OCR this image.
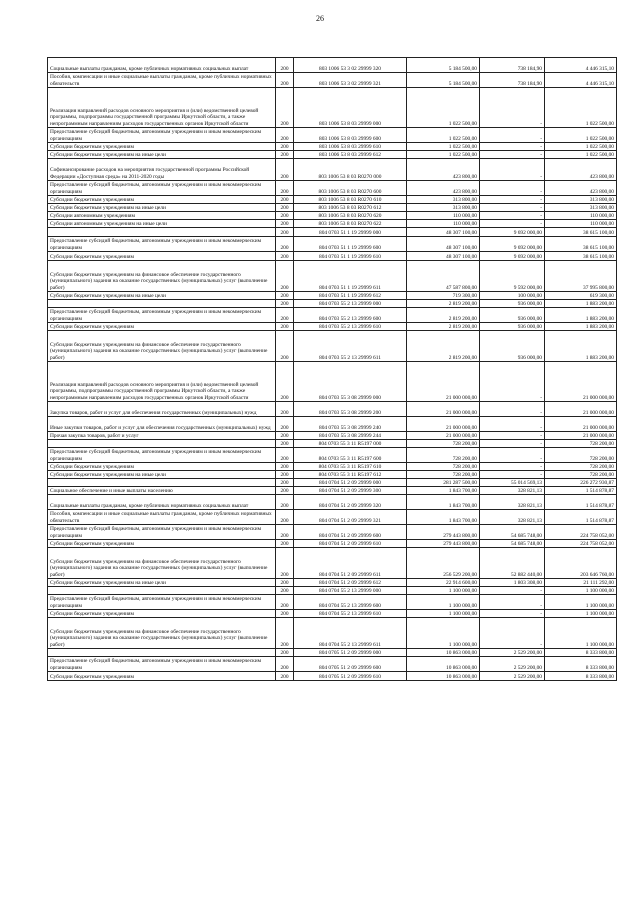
26
Социальные выплаты гражданам, кроме публичных нормативных социальных выплат	200	803 1006 53 3 02 29999 320	5 184 500,00	738 184,90	4 446 315,10
Пособия, компенсации и иные социальные выплаты гражданам, кроме публичных нормативных обязательств	200	803 1006 53 3 02 29999 321	5 184 500,00	738 184,90	4 446 315,10
Реализация направлений расходов основного мероприятия и (или) ведомственной целевой программы, подпрограммы государственной программы Иркутской области, а также непрограммным направлениям расходов государственных органов Иркутской области	200	803 1006 53 8 03 29999 000	1 022 500,00	-	1 022 500,00
Предоставление субсидий бюджетным, автономным учреждениям и иным некоммерческим организациям	200	803 1006 53 8 03 29999 600	1 022 500,00	-	1 022 500,00
Субсидии бюджетным учреждениям	200	803 1006 53 8 03 29999 610	1 022 500,00	-	1 022 500,00
Субсидии бюджетным учреждениям на иные цели	200	803 1006 53 8 03 29999 612	1 022 500,00	-	1 022 500,00
Софинансирование расходов на мероприятия государственной программы Российской Федерации «Доступная среда» на 2011-2020 годы	200	803 1006 53 8 03 R0270 000	423 800,00	-	423 800,00
Предоставление субсидий бюджетным, автономным учреждениям и иным некоммерческим организациям	200	803 1006 53 8 03 R0270 600	423 800,00	-	423 800,00
Субсидии бюджетным учреждениям	200	803 1006 53 8 03 R0270 610	313 800,00	-	313 800,00
Субсидии бюджетным учреждениям на иные цели	200	803 1006 53 8 03 R0270 612	313 800,00	-	313 800,00
Субсидии автономным учреждениям	200	803 1006 53 8 03 R0270 620	110 000,00	-	110 000,00
Субсидии автономным учреждениям на иные цели	200	803 1006 53 8 03 R0270 622	110 000,00	-	110 000,00
	200	804 0703 51 1 19 29999 000	48 307 100,00	9 692 000,00	38 615 100,00
Предоставление субсидий бюджетным, автономным учреждениям и иным некоммерческим организациям	200	804 0703 51 1 19 29999 600	48 307 100,00	9 692 000,00	38 615 100,00
Субсидии бюджетным учреждениям	200	804 0703 51 1 19 29999 610	48 307 100,00	9 692 000,00	38 615 100,00
Субсидии бюджетным учреждениям на финансовое обеспечение государственного (муниципального) задания на оказание государственных (муниципальных) услуг (выполнение работ)	200	804 0703 51 1 19 29999 611	47 587 800,00	9 592 000,00	37 995 800,00
Субсидии бюджетным учреждениям на иные цели	200	804 0703 51 1 19 29999 612	719 300,00	100 000,00	619 300,00
	200	804 0703 55 2 13 29999 000	2 819 200,00	936 000,00	1 883 200,00
Предоставление субсидий бюджетным, автономным учреждениям и иным некоммерческим организациям	200	804 0703 55 2 13 29999 600	2 819 200,00	936 000,00	1 883 200,00
Субсидии бюджетным учреждениям	200	804 0703 55 2 13 29999 610	2 819 200,00	936 000,00	1 883 200,00
Субсидии бюджетным учреждениям на финансовое обеспечение государственного (муниципального) задания на оказание государственных (муниципальных) услуг (выполнение работ)	200	804 0703 55 2 13 29999 611	2 819 200,00	936 000,00	1 883 200,00
Реализация направлений расходов основного мероприятия и (или) ведомственной целевой программы, подпрограммы государственной программы Иркутской области, а также непрограммным направлениям расходов государственных органов Иркутской области	200	804 0703 55 3 08 29999 000	21 000 000,00	-	21 000 000,00
Закупка товаров, работ и услуг для обеспечения государственных (муниципальных) нужд	200	804 0703 55 3 08 29999 200	21 000 000,00	-	21 000 000,00
Иные закупки товаров, работ и услуг для обеспечения государственных (муниципальных) нужд	200	804 0703 55 3 08 29999 240	21 000 000,00	-	21 000 000,00
Прочая закупка товаров, работ и услуг	200	804 0703 55 3 08 29999 244	21 000 000,00	-	21 000 000,00
	200	804 0703 55 3 11 R5197 000	728 200,00	-	728 200,00
Предоставление субсидий бюджетным, автономным учреждениям и иным некоммерческим организациям	200	804 0703 55 3 11 R5197 600	728 200,00	-	728 200,00
Субсидии бюджетным учреждениям	200	804 0703 55 3 11 R5197 610	728 200,00	-	728 200,00
Субсидии бюджетным учреждениям на иные цели	200	804 0703 55 3 11 R5197 612	728 200,00	-	728 200,00
	200	804 0704 51 2 09 29999 000	281 287 500,00	55 014 569,13	226 272 930,87
Социальное обеспечение и иные выплаты населению	200	804 0704 51 2 09 29999 300	1 843 700,00	328 821,13	1 514 878,87
Социальные выплаты гражданам, кроме публичных нормативных социальных выплат	200	804 0704 51 2 09 29999 320	1 843 700,00	328 821,13	1 514 878,87
Пособия, компенсации и иные социальные выплаты гражданам, кроме публичных нормативных обязательств	200	804 0704 51 2 09 29999 321	1 843 700,00	328 821,13	1 514 878,87
Предоставление субсидий бюджетным, автономным учреждениям и иным некоммерческим организациям	200	804 0704 51 2 09 29999 600	279 443 800,00	54 685 748,00	224 758 052,00
Субсидии бюджетным учреждениям	200	804 0704 51 2 09 29999 610	279 443 800,00	54 685 748,00	224 758 052,00
Субсидии бюджетным учреждениям на финансовое обеспечение государственного (муниципального) задания на оказание государственных (муниципальных) услуг (выполнение работ)	200	804 0704 51 2 09 29999 611	256 529 200,00	52 882 440,00	203 646 760,00
Субсидии бюджетным учреждениям на иные цели	200	804 0704 51 2 09 29999 612	22 914 600,00	1 803 308,00	21 111 292,00
	200	804 0704 55 2 13 29999 000	1 100 000,00	-	1 100 000,00
Предоставление субсидий бюджетным, автономным учреждениям и иным некоммерческим организациям	200	804 0704 55 2 13 29999 600	1 100 000,00	-	1 100 000,00
Субсидии бюджетным учреждениям	200	804 0704 55 2 13 29999 610	1 100 000,00	-	1 100 000,00
Субсидии бюджетным учреждениям на финансовое обеспечение государственного (муниципального) задания на оказание государственных (муниципальных) услуг (выполнение работ)	200	804 0704 55 2 13 29999 611	1 100 000,00	-	1 100 000,00
	200	804 0705 51 2 09 29999 000	10 863 000,00	2 529 200,00	8 333 800,00
Предоставление субсидий бюджетным, автономным учреждениям и иным некоммерческим организациям	200	804 0705 51 2 09 29999 600	10 863 000,00	2 529 200,00	8 333 800,00
Субсидии бюджетным учреждениям	200	804 0705 51 2 09 29999 610	10 863 000,00	2 529 200,00	8 333 800,00
